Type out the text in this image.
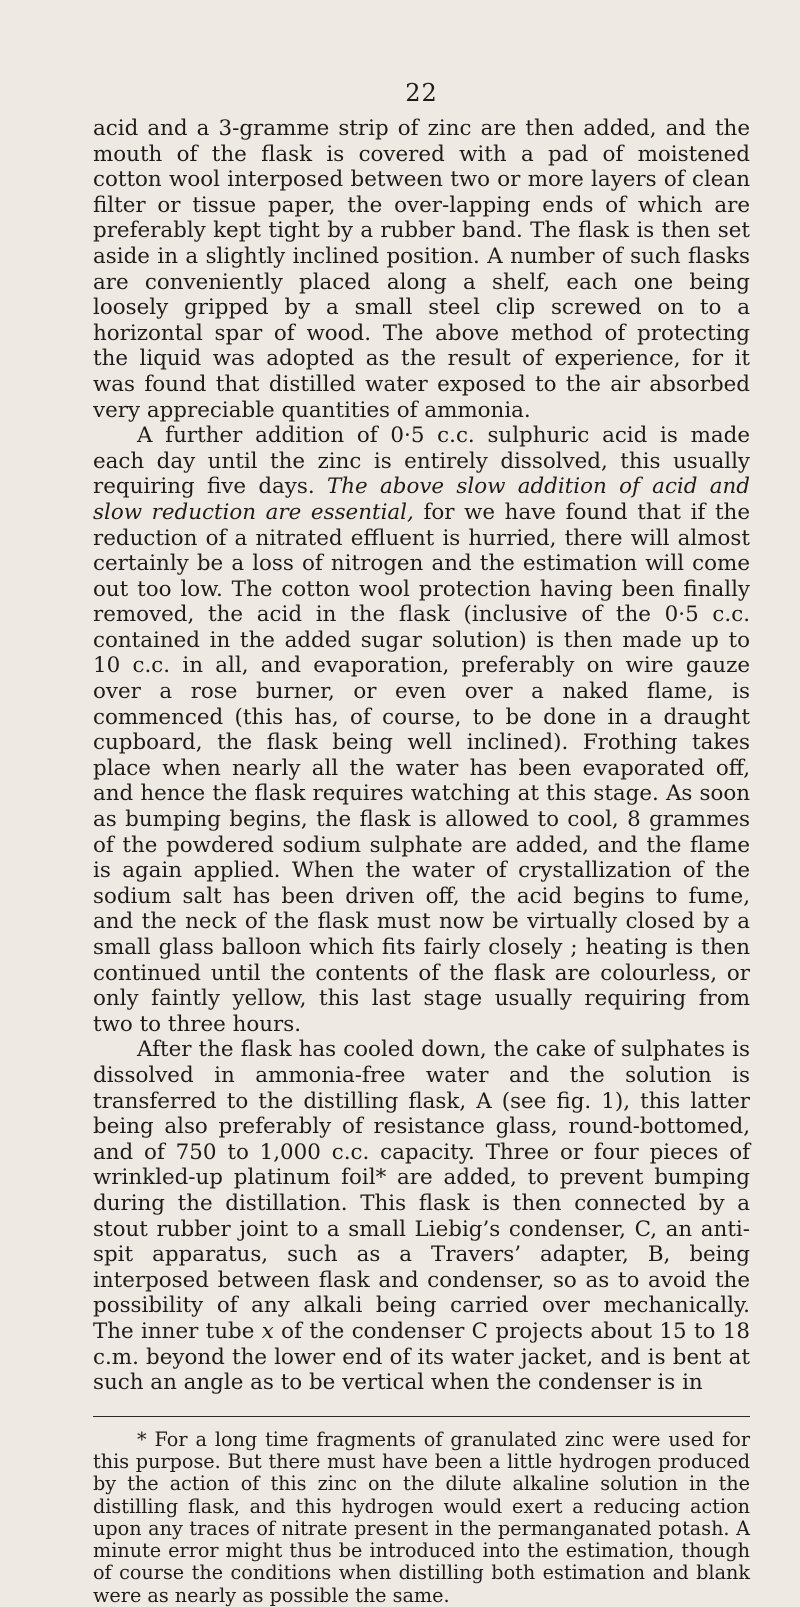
22

acid and a 3-gramme strip of zinc are then added, and the mouth of the flask is covered with a pad of moistened cotton wool interposed between two or more layers of clean filter or tissue paper, the over-lapping ends of which are preferably kept tight by a rubber band. The flask is then set aside in a slightly inclined position. A number of such flasks are conveniently placed along a shelf, each one being loosely gripped by a small steel clip screwed on to a horizontal spar of wood. The above method of protecting the liquid was adopted as the result of experience, for it was found that distilled water exposed to the air absorbed very appreciable quantities of ammonia.

A further addition of 0·5 c.c. sulphuric acid is made each day until the zinc is entirely dissolved, this usually requiring five days. The above slow addition of acid and slow reduction are essential, for we have found that if the reduction of a nitrated effluent is hurried, there will almost certainly be a loss of nitrogen and the estimation will come out too low. The cotton wool protection having been finally removed, the acid in the flask (inclusive of the 0·5 c.c. contained in the added sugar solution) is then made up to 10 c.c. in all, and evaporation, preferably on wire gauze over a rose burner, or even over a naked flame, is commenced (this has, of course, to be done in a draught cupboard, the flask being well inclined). Frothing takes place when nearly all the water has been evaporated off, and hence the flask requires watching at this stage. As soon as bumping begins, the flask is allowed to cool, 8 grammes of the powdered sodium sulphate are added, and the flame is again applied. When the water of crystallization of the sodium salt has been driven off, the acid begins to fume, and the neck of the flask must now be virtually closed by a small glass balloon which fits fairly closely ; heating is then continued until the contents of the flask are colourless, or only faintly yellow, this last stage usually requiring from two to three hours.

After the flask has cooled down, the cake of sulphates is dissolved in ammonia-free water and the solution is transferred to the distilling flask, A (see fig. 1), this latter being also preferably of resistance glass, round-bottomed, and of 750 to 1,000 c.c. capacity. Three or four pieces of wrinkled-up platinum foil* are added, to prevent bumping during the distillation. This flask is then connected by a stout rubber joint to a small Liebig’s condenser, C, an anti-spit apparatus, such as a Travers’ adapter, B, being interposed between flask and condenser, so as to avoid the possibility of any alkali being carried over mechanically. The inner tube x of the condenser C projects about 15 to 18 c.m. beyond the lower end of its water jacket, and is bent at such an angle as to be vertical when the condenser is in

* For a long time fragments of granulated zinc were used for this purpose. But there must have been a little hydrogen produced by the action of this zinc on the dilute alkaline solution in the distilling flask, and this hydrogen would exert a reducing action upon any traces of nitrate present in the permanganated potash. A minute error might thus be introduced into the estimation, though of course the conditions when distilling both estimation and blank were as nearly as possible the same.
